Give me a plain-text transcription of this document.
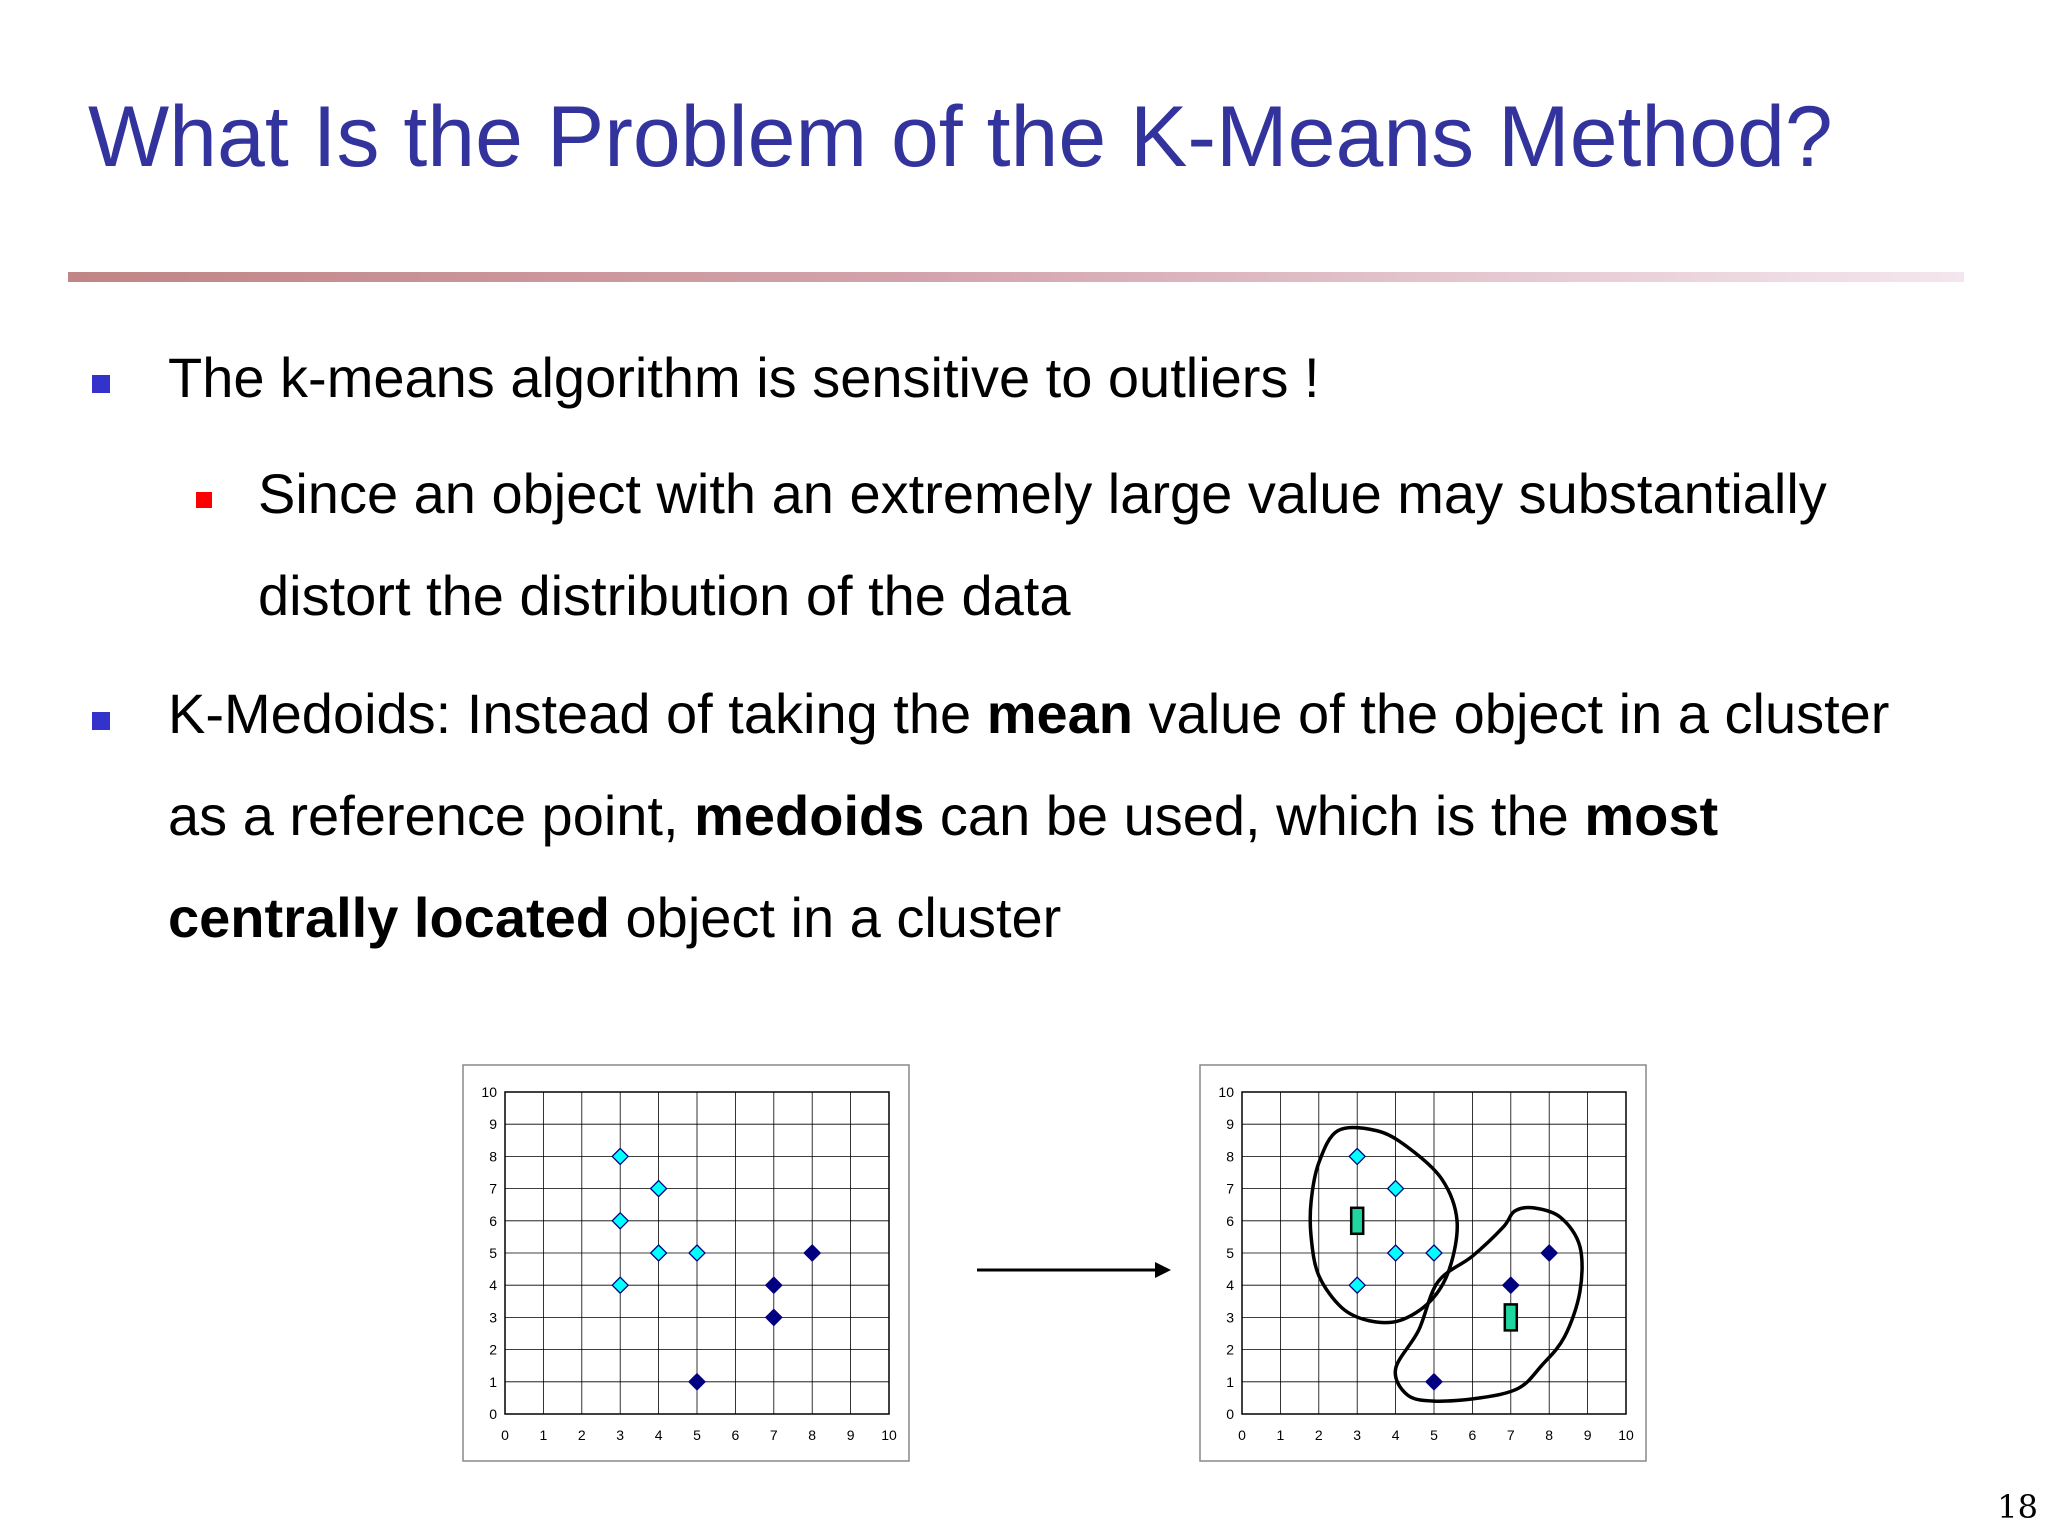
What Is the Problem of the K-Means Method?
The k-means algorithm is sensitive to outliers !
Since an object with an extremely large value may substantially
distort the distribution of the data
K-Medoids: Instead of taking the mean value of the object in a cluster
as a reference point, medoids can be used, which is the most
centrally located object in a cluster
0 1 2 3 4 5 6 7 8 9 10
0
1
2
3
4
5
6
7
8
9
10
0 1 2 3 4 5 6 7 8 9 10
0
1
2
3
4
5
6
7
8
9
10
18
